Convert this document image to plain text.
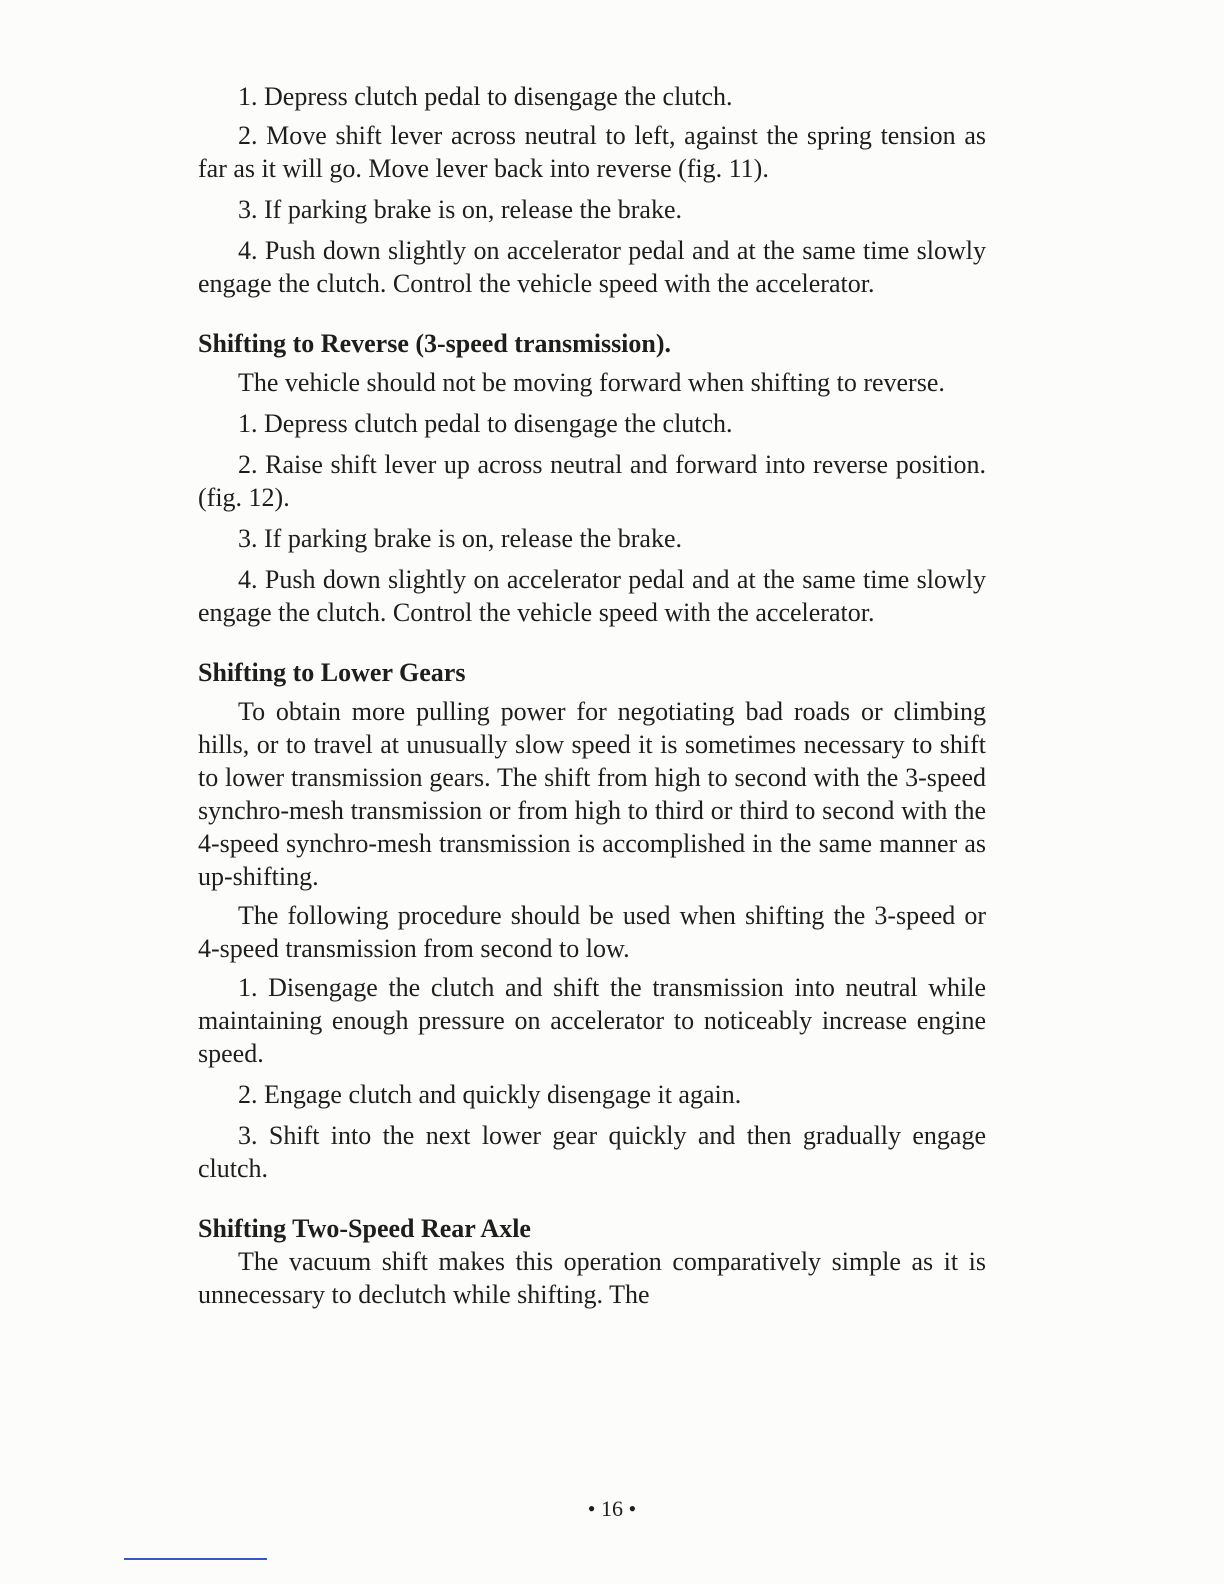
1. Depress clutch pedal to disengage the clutch.

2. Move shift lever across neutral to left, against the spring tension as far as it will go. Move lever back into reverse (fig. 11).

3. If parking brake is on, release the brake.

4. Push down slightly on accelerator pedal and at the same time slowly engage the clutch. Control the vehicle speed with the accelerator.

Shifting to Reverse (3-speed transmission).

The vehicle should not be moving forward when shifting to reverse.

1. Depress clutch pedal to disengage the clutch.

2. Raise shift lever up across neutral and forward into reverse position. (fig. 12).

3. If parking brake is on, release the brake.

4. Push down slightly on accelerator pedal and at the same time slowly engage the clutch. Control the vehicle speed with the accelerator.

Shifting to Lower Gears

To obtain more pulling power for negotiating bad roads or climbing hills, or to travel at unusually slow speed it is sometimes necessary to shift to lower transmission gears. The shift from high to second with the 3-speed synchro-mesh transmission or from high to third or third to second with the 4-speed synchro-mesh transmission is accomplished in the same manner as up-shifting.

The following procedure should be used when shifting the 3-speed or 4-speed transmission from second to low.

1. Disengage the clutch and shift the transmission into neutral while maintaining enough pressure on accelerator to noticeably increase engine speed.

2. Engage clutch and quickly disengage it again.

3. Shift into the next lower gear quickly and then gradually engage clutch.

Shifting Two-Speed Rear Axle

The vacuum shift makes this operation comparatively simple as it is unnecessary to declutch while shifting. The

• 16 •
